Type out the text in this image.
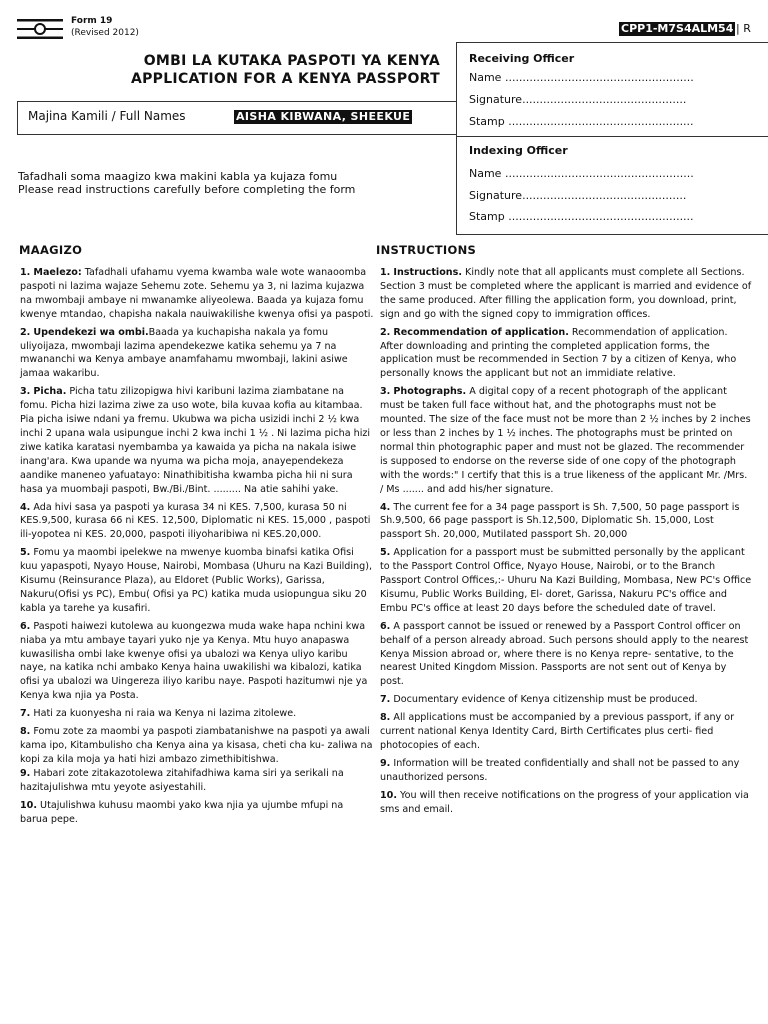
Form 19
(Revised 2012)	CPP1-M7S4ALM54 | R
OMBI LA KUTAKA PASPOTI YA KENYA
APPLICATION FOR A KENYA PASSPORT
Receiving Officer
Name ......................................................
Signature...............................................
Stamp .....................................................
Indexing Officer
Name ......................................................
Signature...............................................
Stamp .....................................................
Majina Kamili / Full Names	AISHA KIBWANA, SHEEKUE
Tafadhali soma maagizo kwa makini kabla ya kujaza fomu
Please read instructions carefully before completing the form
MAAGIZO	INSTRUCTIONS

1. Maelezo: Tafadhali ufahamu vyema kwamba wale wote wanaoomba paspoti ni lazima wajaze Sehemu zote. Sehemu ya 3, ni lazima kujazwa na mwombaji ambaye ni mwanamke aliyeolewa. Baada ya kujaza fomu kwenye mtandao, chapisha nakala nauiwakilishe kwenya ofisi ya paspoti.

2. Upendekezi wa ombi.Baada ya kuchapisha nakala ya fomu uliyoijaza, mwombaji lazima apendekezwe katika sehemu ya 7 na mwananchi wa Kenya ambaye anamfahamu mwombaji, lakini asiwe jamaa wakaribu.

3. Picha. Picha tatu zilizopigwa hivi karibuni lazima ziambatane na fomu. Picha hizi lazima ziwe za uso wote, bila kuvaa kofia au kitambaa. Pia picha isiwe ndani ya fremu. Ukubwa wa picha usizidi inchi 2 ½ kwa inchi 2 upana wala usipungue inchi 2 kwa inchi 1 ½ . Ni lazima picha hizi ziwe katika karatasi nyembamba ya kawaida ya picha na nakala isiwe inang'ara. Kwa upande wa nyuma wa picha moja, anayependekeza aandike maneneo yafuatayo: Ninathibitisha kwamba picha hii ni sura hasa ya muombaji paspoti, Bw./Bi./Bint. ......... Na atie sahihi yake.

4. Ada hivi sasa ya paspoti ya kurasa 34 ni KES. 7,500, kurasa 50 ni KES.9,500, kurasa 66 ni KES. 12,500, Diplomatic ni KES. 15,000 , paspoti ili-yopotea ni KES. 20,000, paspoti iliyoharibiwa ni KES.20,000.

5. Fomu ya maombi ipelekwe na mwenye kuomba binafsi katika Ofisi kuu yapaspoti, Nyayo House, Nairobi, Mombasa (Uhuru na Kazi Building), Kisumu (Reinsurance Plaza), au Eldoret (Public Works), Garissa, Nakuru(Ofisi ys PC), Embu( Ofisi ya PC) katika muda usiopungua siku 20 kabla ya tarehe ya kusafiri.

6. Paspoti haiwezi kutolewa au kuongezwa muda wake hapa nchini kwa niaba ya mtu ambaye tayari yuko nje ya Kenya. Mtu huyo anapaswa kuwasilisha ombi lake kwenye ofisi ya ubalozi wa Kenya uliyo karibu naye, na katika nchi ambako Kenya haina uwakilishi wa kibalozi, katika ofisi ya ubalozi wa Uingereza iliyo karibu naye. Paspoti hazitumwi nje ya Kenya kwa njia ya Posta.

7. Hati za kuonyesha ni raia wa Kenya ni lazima zitolewe.

8. Fomu zote za maombi ya paspoti ziambatanishwe na paspoti ya awali kama ipo, Kitambulisho cha Kenya aina ya kisasa, cheti cha ku- zaliwa na kopi za kila moja ya hati hizi ambazo zimethibitishwa.

9. Habari zote zitakazotolewa zitahifadhiwa kama siri ya serikali na hazitajulishwa mtu yeyote asiyestahili.

10. Utajulishwa kuhusu maombi yako kwa njia ya ujumbe mfupi na barua pepe.

1. Instructions. Kindly note that all applicants must complete all Sections. Section 3 must be completed where the applicant is married and evidence of the same produced. After filling the application form, you download, print, sign and go with the signed copy to immigration offices.

2. Recommendation of application. Recommendation of application. After downloading and printing the completed application forms, the application must be recommended in Section 7 by a citizen of Kenya, who personally knows the applicant but not an immidiate relative.

3. Photographs. A digital copy of a recent photograph of the applicant must be taken full face without hat, and the photographs must not be mounted. The size of the face must not be more than 2 ½ inches by 2 inches or less than 2 inches by 1 ½ inches. The photographs must be printed on normal thin photographic paper and must not be glazed. The recommender is supposed to endorse on the reverse side of one copy of the photograph with the words:" I certify that this is a true likeness of the applicant Mr. /Mrs. / Ms ....... and add his/her signature.

4. The current fee for a 34 page passport is Sh. 7,500, 50 page passport is Sh.9,500, 66 page passport is Sh.12,500, Diplomatic Sh. 15,000, Lost passport Sh. 20,000, Mutilated passport Sh. 20,000

5. Application for a passport must be submitted personally by the applicant to the Passport Control Office, Nyayo House, Nairobi, or to the Branch Passport Control Offices,:- Uhuru Na Kazi Building, Mombasa, New PC's Office Kisumu, Public Works Building, El- doret, Garissa, Nakuru PC's office and Embu PC's office at least 20 days before the scheduled date of travel.

6. A passport cannot be issued or renewed by a Passport Control officer on behalf of a person already abroad. Such persons should apply to the nearest Kenya Mission abroad or, where there is no Kenya repre- sentative, to the nearest United Kingdom Mission. Passports are not sent out of Kenya by post.

7. Documentary evidence of Kenya citizenship must be produced.

8. All applications must be accompanied by a previous passport, if any or current national Kenya Identity Card, Birth Certificates plus certi- fied photocopies of each.

9. Information will be treated confidentially and shall not be passed to any unauthorized persons.

10. You will then receive notifications on the progress of your application via sms and email.
